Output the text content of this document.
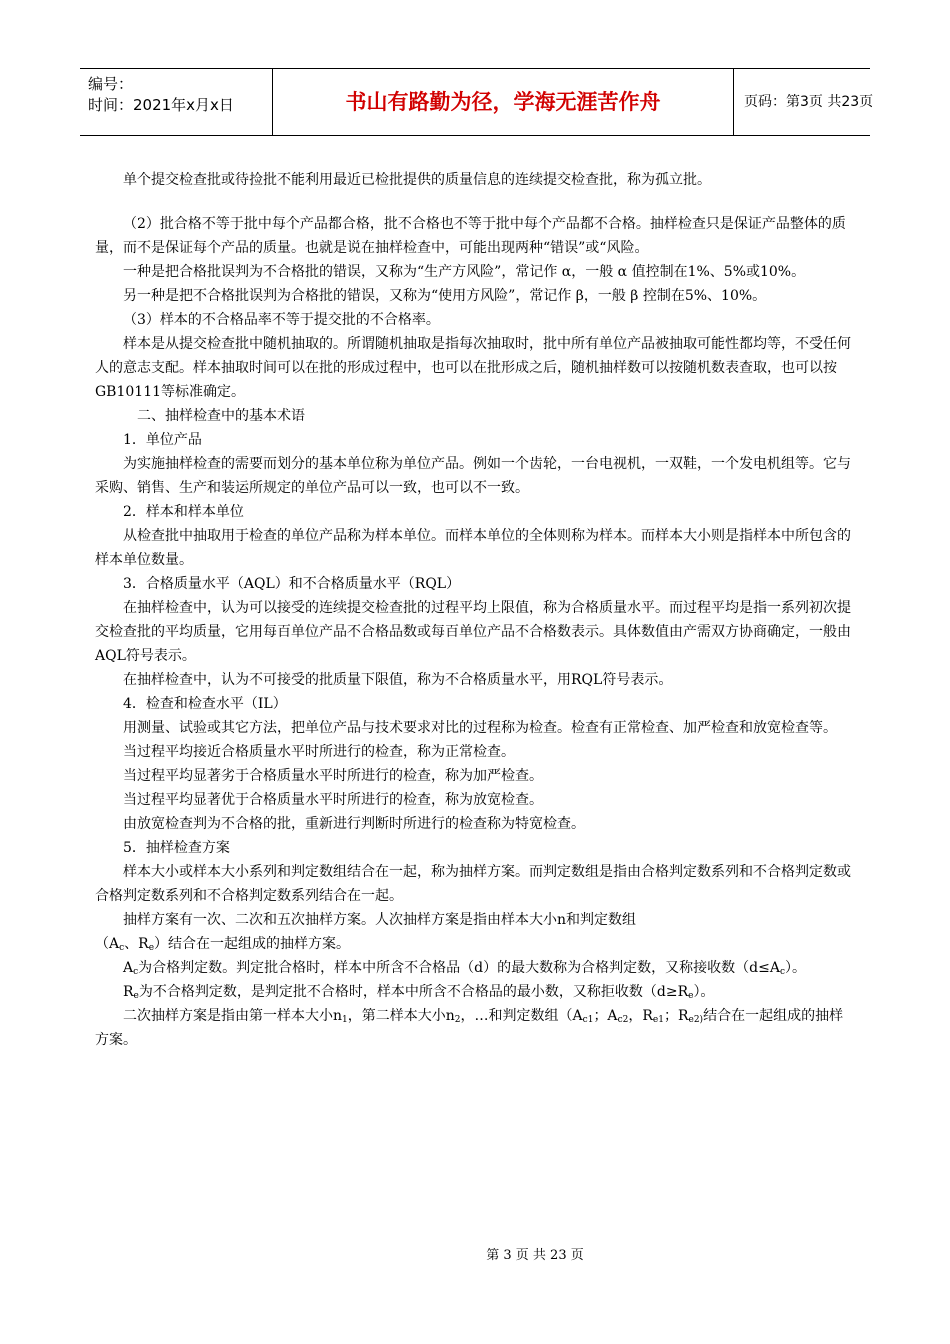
编号：
时间：2021年x月x日	书山有路勤为径，学海无涯苦作舟	页码：第3页 共23页

单个提交检查批或待捡批不能利用最近已检批提供的质量信息的连续提交检查批，称为孤立批。

（2）批合格不等于批中每个产品都合格，批不合格也不等于批中每个产品都不合格。抽样检查只是保证产品整体的质量，而不是保证每个产品的质量。也就是说在抽样检查中，可能出现两种“错误”或“风险。

一种是把合格批误判为不合格批的错误，又称为“生产方风险”，常记作 α，一般 α 值控制在1%、5%或10%。

另一种是把不合格批误判为合格批的错误，又称为“使用方风险”，常记作 β，一般 β 控制在5%、10%。

（3）样本的不合格品率不等于提交批的不合格率。

样本是从提交检查批中随机抽取的。所谓随机抽取是指每次抽取时，批中所有单位产品被抽取可能性都均等，不受任何人的意志支配。样本抽取时间可以在批的形成过程中，也可以在批形成之后，随机抽样数可以按随机数表查取，也可以按GB10111等标准确定。

二、抽样检查中的基本术语

1．单位产品

为实施抽样检查的需要而划分的基本单位称为单位产品。例如一个齿轮，一台电视机，一双鞋，一个发电机组等。它与采购、销售、生产和装运所规定的单位产品可以一致，也可以不一致。

2．样本和样本单位

从检查批中抽取用于检查的单位产品称为样本单位。而样本单位的全体则称为样本。而样本大小则是指样本中所包含的样本单位数量。

3．合格质量水平（AQL）和不合格质量水平（RQL）

在抽样检查中，认为可以接受的连续提交检查批的过程平均上限值，称为合格质量水平。而过程平均是指一系列初次提交检查批的平均质量，它用每百单位产品不合格品数或每百单位产品不合格数表示。具体数值由产需双方协商确定，一般由AQL符号表示。

在抽样检查中，认为不可接受的批质量下限值，称为不合格质量水平，用RQL符号表示。

4．检查和检查水平（IL）

用测量、试验或其它方法，把单位产品与技术要求对比的过程称为检查。检查有正常检查、加严检查和放宽检查等。

当过程平均接近合格质量水平时所进行的检查，称为正常检查。

当过程平均显著劣于合格质量水平时所进行的检查，称为加严检查。

当过程平均显著优于合格质量水平时所进行的检查，称为放宽检查。

由放宽检查判为不合格的批，重新进行判断时所进行的检查称为特宽检查。

5．抽样检查方案

样本大小或样本大小系列和判定数组结合在一起，称为抽样方案。而判定数组是指由合格判定数系列和不合格判定数或合格判定数系列和不合格判定数系列结合在一起。

抽样方案有一次、二次和五次抽样方案。人次抽样方案是指由样本大小n和判定数组

（$A_c$、$R_e$）结合在一起组成的抽样方案。

$A_c$为合格判定数。判定批合格时，样本中所含不合格品（d）的最大数称为合格判定数，又称接收数$(d\le A_c)$。

$R_e$为不合格判定数，是判定批不合格时，样本中所含不合格品的最小数，又称拒收数$(d\ge R_e)$。

二次抽样方案是指由第一样本大小$n_1$，第二样本大小$n_2$，…和判定数组（$A_{c1}$；$A_{c2}$，$R_{e1}$；$R_{e2)}$结合在一起组成的抽样方案。

第 3 页 共 23 页
